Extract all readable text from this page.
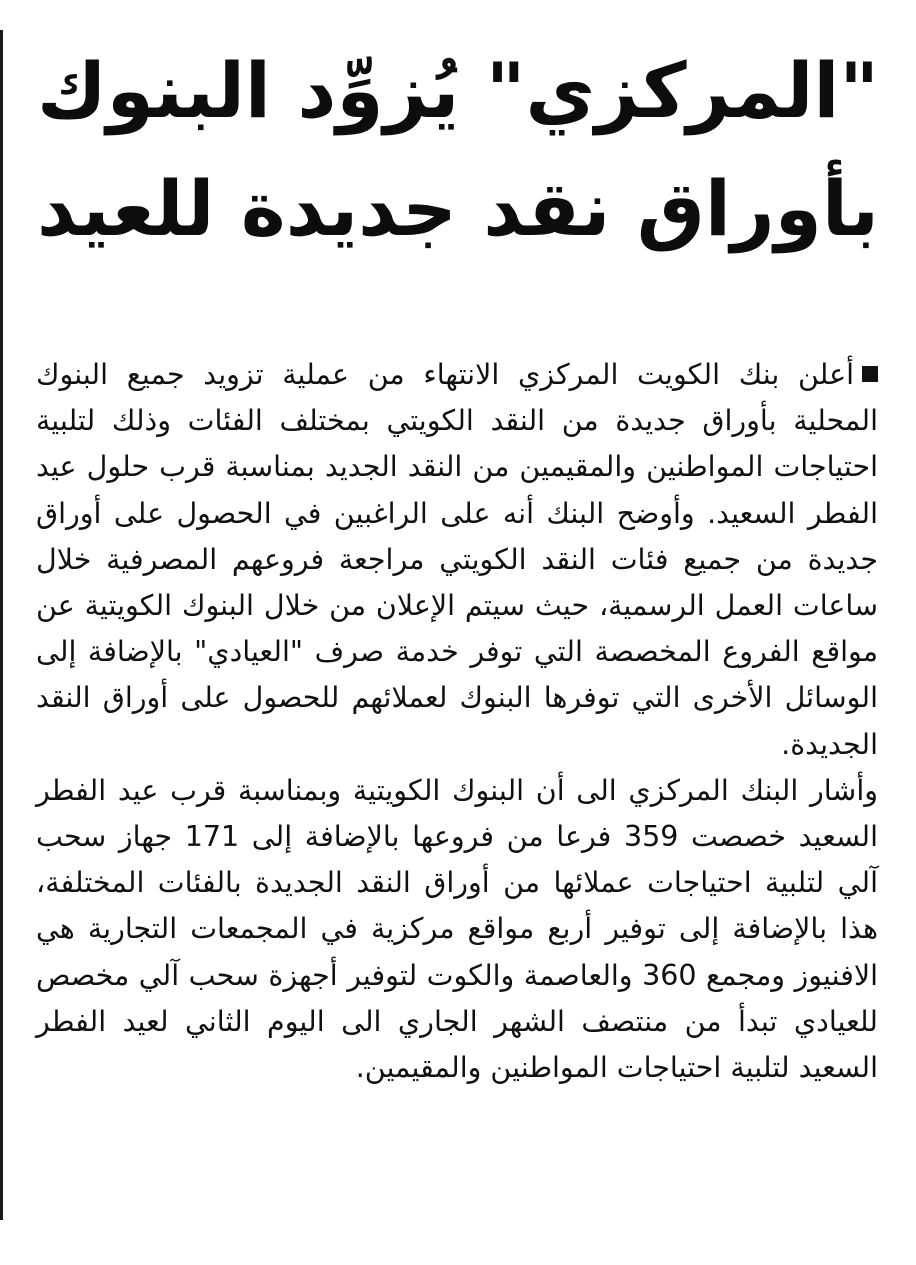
"المركزي" يُزوِّد البنوك
بأوراق نقد جديدة للعيد

أعلن بنك الكويت المركزي الانتهاء من عملية تزويد جميع البنوك المحلية بأوراق جديدة من النقد الكويتي بمختلف الفئات وذلك لتلبية احتياجات المواطنين والمقيمين من النقد الجديد بمناسبة قرب حلول عيد الفطر السعيد. وأوضح البنك أنه على الراغبين في الحصول على أوراق جديدة من جميع فئات النقد الكويتي مراجعة فروعهم المصرفية خلال ساعات العمل الرسمية، حيث سيتم الإعلان من خلال البنوك الكويتية عن مواقع الفروع المخصصة التي توفر خدمة صرف "العيادي" بالإضافة إلى الوسائل الأخرى التي توفرها البنوك لعملائهم للحصول على أوراق النقد الجديدة.

وأشار البنك المركزي الى أن البنوك الكويتية وبمناسبة قرب عيد الفطر السعيد خصصت 359 فرعا من فروعها بالإضافة إلى 171 جهاز سحب آلي لتلبية احتياجات عملائها من أوراق النقد الجديدة بالفئات المختلفة، هذا بالإضافة إلى توفير أربع مواقع مركزية في المجمعات التجارية هي الافنيوز ومجمع 360 والعاصمة والكوت لتوفير أجهزة سحب آلي مخصص للعيادي تبدأ من منتصف الشهر الجاري الى اليوم الثاني لعيد الفطر السعيد لتلبية احتياجات المواطنين والمقيمين.
